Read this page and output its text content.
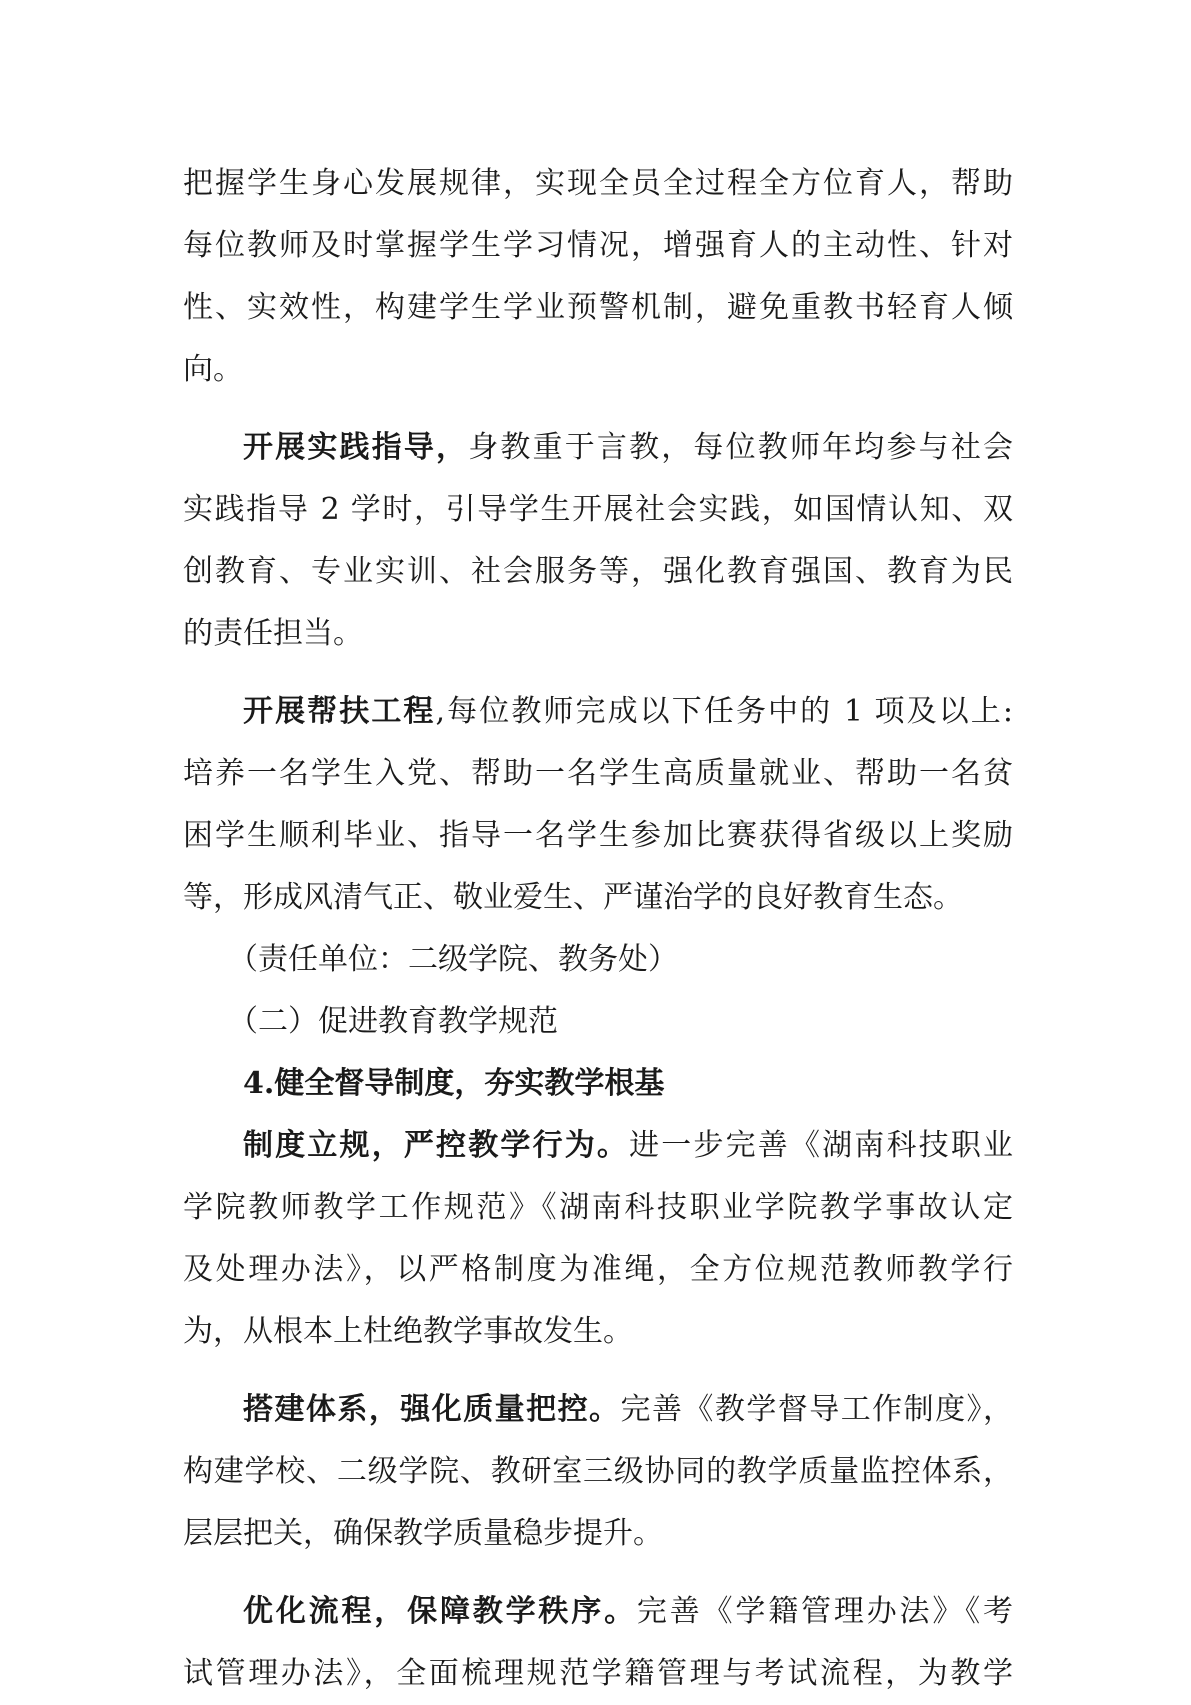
把握学生身心发展规律，实现全员全过程全方位育人，帮助
每位教师及时掌握学生学习情况，增强育人的主动性、针对
性、实效性，构建学生学业预警机制，避免重教书轻育人倾
向。
开展实践指导，身教重于言教，每位教师年均参与社会
实践指导 2 学时，引导学生开展社会实践，如国情认知、双
创教育、专业实训、社会服务等，强化教育强国、教育为民
的责任担当。
开展帮扶工程,每位教师完成以下任务中的 1 项及以上:
培养一名学生入党、帮助一名学生高质量就业、帮助一名贫
困学生顺利毕业、指导一名学生参加比赛获得省级以上奖励
等，形成风清气正、敬业爱生、严谨治学的良好教育生态。
（责任单位：二级学院、教务处）
（二）促进教育教学规范
4.健全督导制度，夯实教学根基
制度立规，严控教学行为。进一步完善《湖南科技职业
学院教师教学工作规范》《湖南科技职业学院教学事故认定
及处理办法》，以严格制度为准绳，全方位规范教师教学行
为，从根本上杜绝教学事故发生。
搭建体系，强化质量把控。完善《教学督导工作制度》，
构建学校、二级学院、教研室三级协同的教学质量监控体系，
层层把关，确保教学质量稳步提升。
优化流程，保障教学秩序。完善《学籍管理办法》《考
试管理办法》，全面梳理规范学籍管理与考试流程，为教学
